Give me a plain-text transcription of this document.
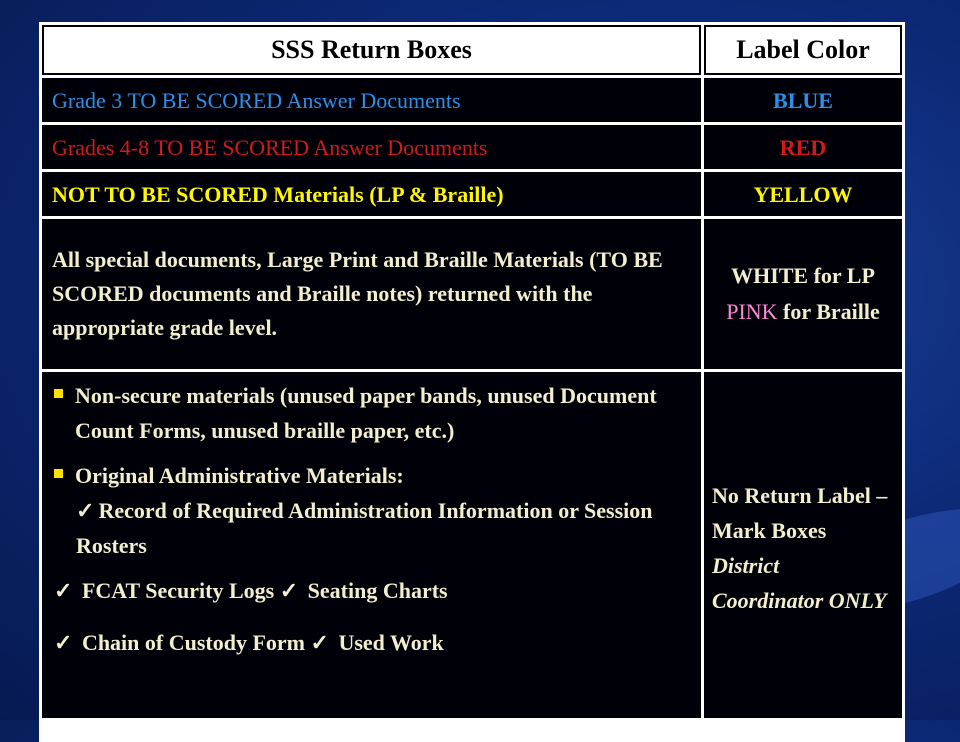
SSS Return Boxes	Label Color
Grade 3 TO BE SCORED Answer Documents	BLUE
Grades 4-8 TO BE SCORED Answer Documents	RED
NOT TO BE SCORED Materials (LP & Braille)	YELLOW
All special documents, Large Print and Braille Materials (TO BE SCORED documents and Braille notes) returned with the appropriate grade level.	WHITE for LP
PINK for Braille

Non-secure materials (unused paper bands, unused Document Count Forms, unused braille paper, etc.)
Original Administrative Materials:
✓ Record of Required Administration Information or Session Rosters
✓ FCAT Security Logs ✓ Seating Charts
✓ Chain of Custody Form ✓ Used Work	No Return Label – Mark Boxes District Coordinator ONLY
